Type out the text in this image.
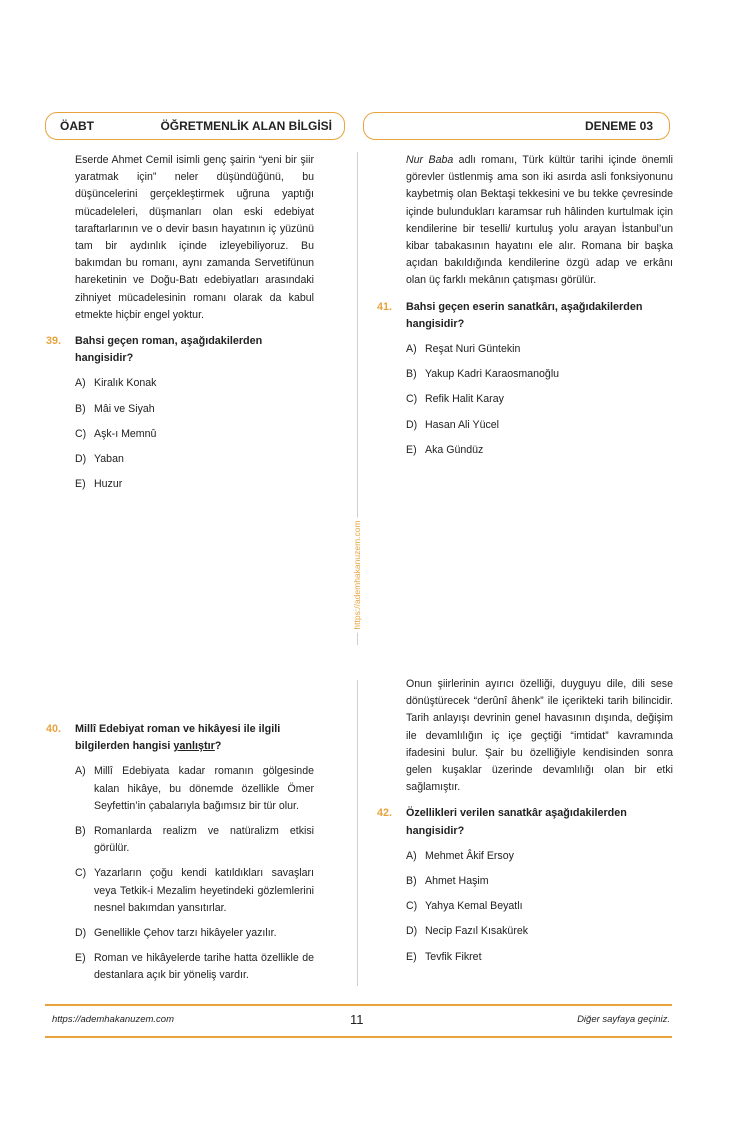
ÖABT	ÖĞRETMENLİK ALAN BİLGİSİ	DENEME 03
https://ademhakanuzem.com

Eserde Ahmet Cemil isimli genç şairin “yeni bir şiir yaratmak için” neler düşündüğünü, bu düşüncelerini gerçekleştirmek uğruna yaptığı mücadeleleri, düşmanları olan eski edebiyat taraftarlarının ve o devir basın hayatının iç yüzünü tam bir aydınlık içinde izleyebiliyoruz. Bu bakımdan bu romanı, aynı zamanda Servetifünun hareketinin ve Doğu-Batı edebiyatları arasındaki zihniyet mücadelesinin romanı olarak da kabul etmekte hiçbir engel yoktur.

39.	Bahsi geçen roman, aşağıdakilerden hangisidir?
A) Kiralık Konak
B) Mâi ve Siyah
C) Aşk-ı Memnû
D) Yaban
E) Huzur

Nur Baba adlı romanı, Türk kültür tarihi içinde önemli görevler üstlenmiş ama son iki asırda asli fonksiyonunu kaybetmiş olan Bektaşi tekkesini ve bu tekke çevresinde içinde bulundukları karamsar ruh hâlinden kurtulmak için kendilerine bir teselli/ kurtuluş yolu arayan İstanbul’un kibar tabakasının hayatını ele alır. Romana bir başka açıdan bakıldığında kendilerine özgü adap ve erkânı olan üç farklı mekânın çatışması görülür.

41.	Bahsi geçen eserin sanatkârı, aşağıdakilerden hangisidir?
A) Reşat Nuri Güntekin
B) Yakup Kadri Karaosmanoğlu
C) Refik Halit Karay
D) Hasan Ali Yücel
E) Aka Gündüz
40.	Millî Edebiyat roman ve hikâyesi ile ilgili bilgilerden hangisi yanlıştır?
A) Millî Edebiyata kadar romanın gölgesinde kalan hikâye, bu dönemde özellikle Ömer Seyfettin’in çabalarıyla bağımsız bir tür olur.
B) Romanlarda realizm ve natüralizm etkisi görülür.
C) Yazarların çoğu kendi katıldıkları savaşları veya Tetkik-i Mezalim heyetindeki gözlemlerini nesnel bakımdan yansıtırlar.
D) Genellikle Çehov tarzı hikâyeler yazılır.
E) Roman ve hikâyelerde tarihe hatta özellikle de destanlara açık bir yöneliş vardır.

Onun şiirlerinin ayırıcı özelliği, duyguyu dile, dili sese dönüştürecek “derûnî âhenk” ile içerikteki tarih bilincidir. Tarih anlayışı devrinin genel havasının dışında, değişim ile devamlılığın iç içe geçtiği “imtidat” kavramında ifadesini bulur. Şair bu özelliğiyle kendisinden sonra gelen kuşaklar üzerinde devamlılığı olan bir etki sağlamıştır.

42.	Özellikleri verilen sanatkâr aşağıdakilerden hangisidir?
A) Mehmet Âkif Ersoy
B) Ahmet Haşim
C) Yahya Kemal Beyatlı
D) Necip Fazıl Kısakürek
E) Tevfik Fikret
https://ademhakanuzem.com	11	Diğer sayfaya geçiniz.
